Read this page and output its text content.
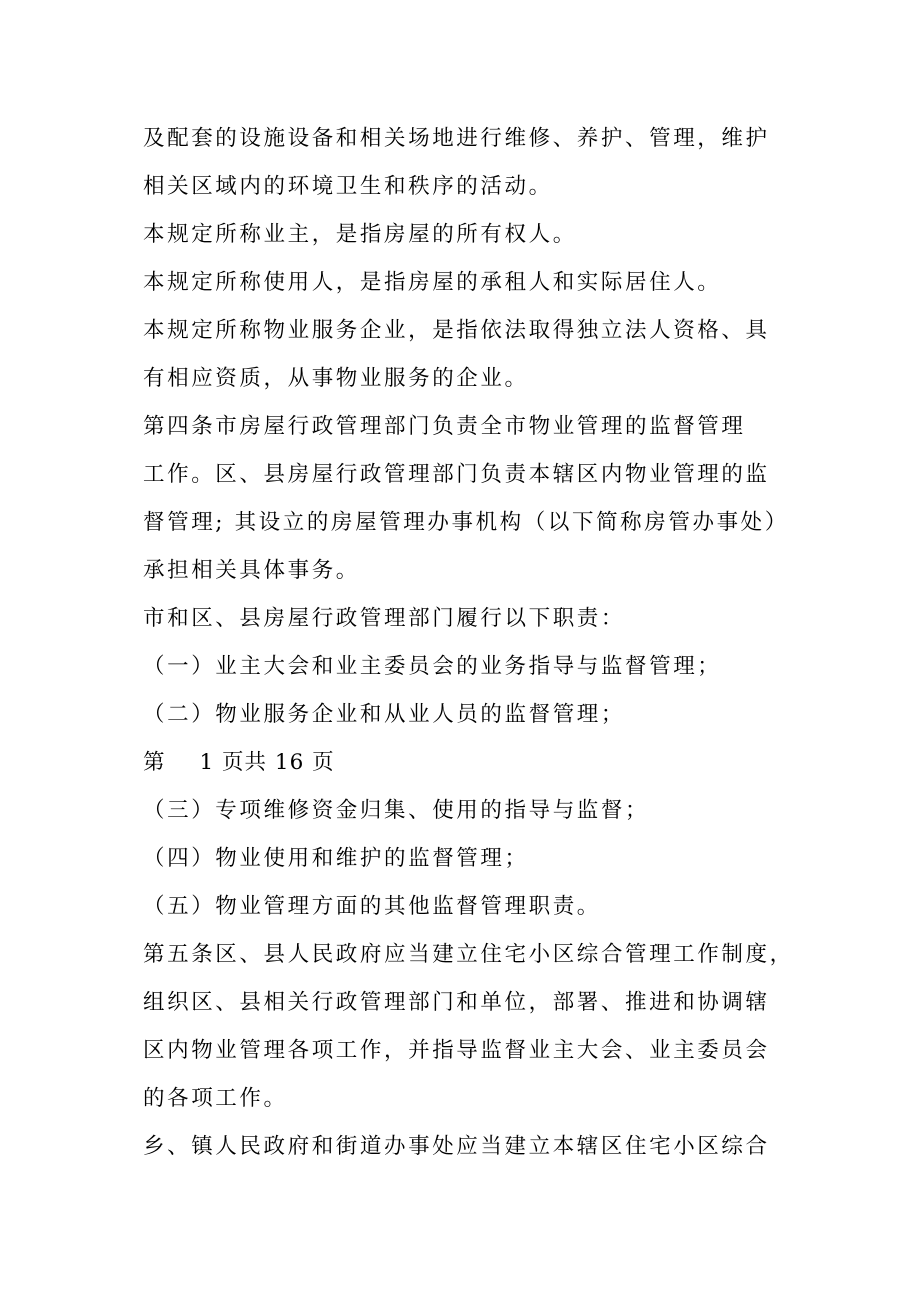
及配套的设施设备和相关场地进行维修、养护、管理，维护
相关区域内的环境卫生和秩序的活动。
本规定所称业主，是指房屋的所有权人。
本规定所称使用人，是指房屋的承租人和实际居住人。
本规定所称物业服务企业，是指依法取得独立法人资格、具
有相应资质，从事物业服务的企业。
第四条市房屋行政管理部门负责全市物业管理的监督管理
工作。区、县房屋行政管理部门负责本辖区内物业管理的监
督管理; 其设立的房屋管理办事机构（以下简称房管办事处）
承担相关具体事务。
市和区、县房屋行政管理部门履行以下职责：
（一）业主大会和业主委员会的业务指导与监督管理；
（二）物业服务企业和从业人员的监督管理；
第 1 页共 16 页
（三）专项维修资金归集、使用的指导与监督；
（四）物业使用和维护的监督管理；
（五）物业管理方面的其他监督管理职责。
第五条区、县人民政府应当建立住宅小区综合管理工作制度，
组织区、县相关行政管理部门和单位，部署、推进和协调辖
区内物业管理各项工作，并指导监督业主大会、业主委员会
的各项工作。
乡、镇人民政府和街道办事处应当建立本辖区住宅小区综合
